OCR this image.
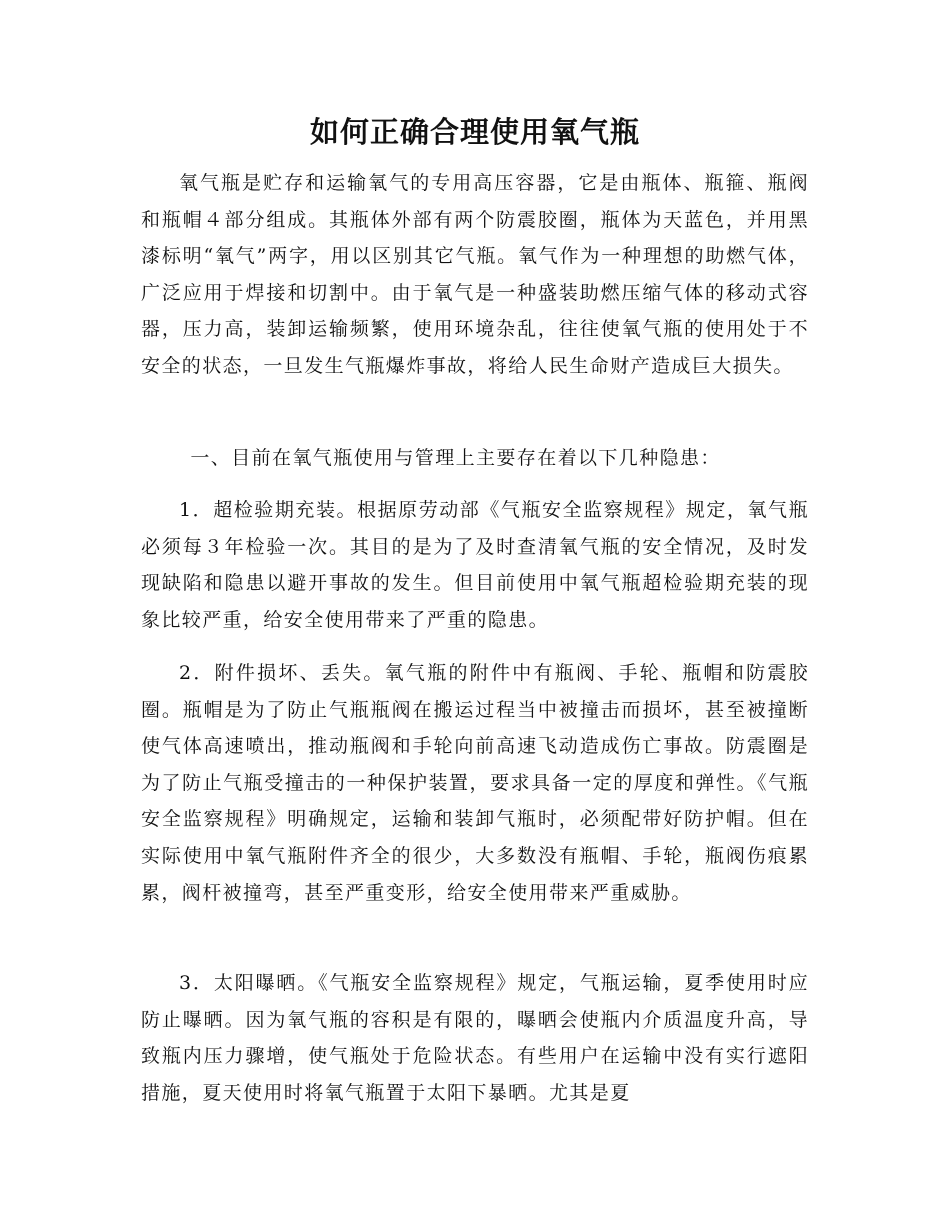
如何正确合理使用氧气瓶

氧气瓶是贮存和运输氧气的专用高压容器，它是由瓶体、瓶箍、瓶阀和瓶帽４部分组成。其瓶体外部有两个防震胶圈，瓶体为天蓝色，并用黑漆标明“氧气”两字，用以区别其它气瓶。氧气作为一种理想的助燃气体，广泛应用于焊接和切割中。由于氧气是一种盛装助燃压缩气体的移动式容器，压力高，装卸运输频繁，使用环境杂乱，往往使氧气瓶的使用处于不安全的状态，一旦发生气瓶爆炸事故，将给人民生命财产造成巨大损失。

一、目前在氧气瓶使用与管理上主要存在着以下几种隐患：

1．超检验期充装。根据原劳动部《气瓶安全监察规程》规定，氧气瓶必须每３年检验一次。其目的是为了及时查清氧气瓶的安全情况，及时发现缺陷和隐患以避开事故的发生。但目前使用中氧气瓶超检验期充装的现象比较严重，给安全使用带来了严重的隐患。

2．附件损坏、丢失。氧气瓶的附件中有瓶阀、手轮、瓶帽和防震胶圈。瓶帽是为了防止气瓶瓶阀在搬运过程当中被撞击而损坏，甚至被撞断使气体高速喷出，推动瓶阀和手轮向前高速飞动造成伤亡事故。防震圈是为了防止气瓶受撞击的一种保护装置，要求具备一定的厚度和弹性。《气瓶安全监察规程》明确规定，运输和装卸气瓶时，必须配带好防护帽。但在实际使用中氧气瓶附件齐全的很少，大多数没有瓶帽、手轮，瓶阀伤痕累累，阀杆被撞弯，甚至严重变形，给安全使用带来严重威胁。

3．太阳曝晒。《气瓶安全监察规程》规定，气瓶运输，夏季使用时应防止曝晒。因为氧气瓶的容积是有限的，曝晒会使瓶内介质温度升高，导致瓶内压力骤增，使气瓶处于危险状态。有些用户在运输中没有实行遮阳措施，夏天使用时将氧气瓶置于太阳下暴晒。尤其是夏
